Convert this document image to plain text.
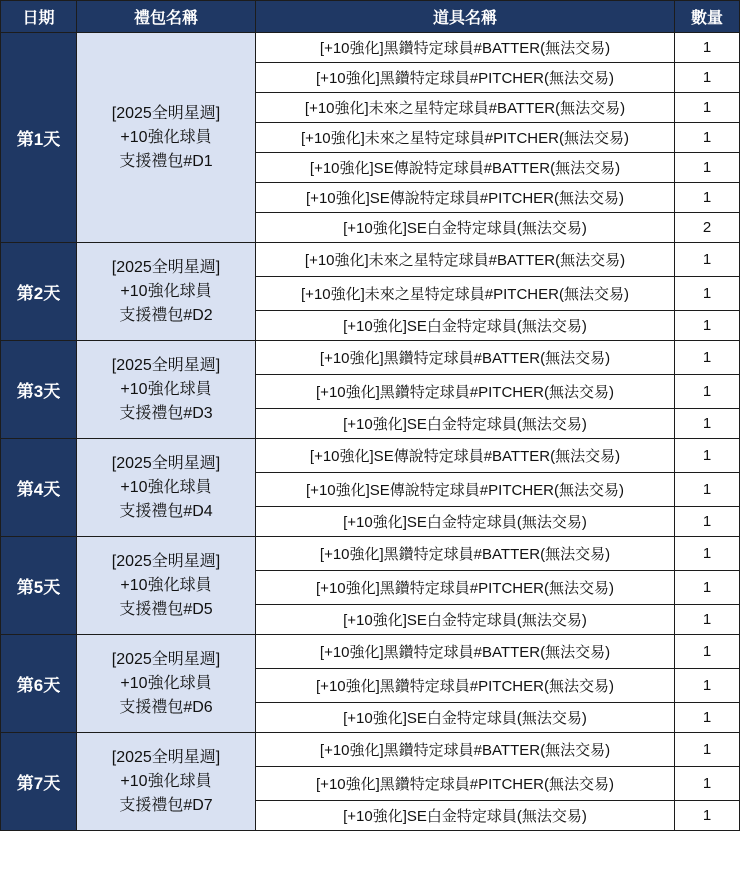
日期	禮包名稱	道具名稱	數量
第1天	[2025全明星週]
+10強化球員
支援禮包#D1	[+10強化]黑鑽特定球員#BATTER(無法交易)	1
		[+10強化]黑鑽特定球員#PITCHER(無法交易)	1
		[+10強化]未來之星特定球員#BATTER(無法交易)	1
		[+10強化]未來之星特定球員#PITCHER(無法交易)	1
		[+10強化]SE傳說特定球員#BATTER(無法交易)	1
		[+10強化]SE傳說特定球員#PITCHER(無法交易)	1
		[+10強化]SE白金特定球員(無法交易)	2
第2天	[2025全明星週]
+10強化球員
支援禮包#D2	[+10強化]未來之星特定球員#BATTER(無法交易)	1
		[+10強化]未來之星特定球員#PITCHER(無法交易)	1
		[+10強化]SE白金特定球員(無法交易)	1
第3天	[2025全明星週]
+10強化球員
支援禮包#D3	[+10強化]黑鑽特定球員#BATTER(無法交易)	1
		[+10強化]黑鑽特定球員#PITCHER(無法交易)	1
		[+10強化]SE白金特定球員(無法交易)	1
第4天	[2025全明星週]
+10強化球員
支援禮包#D4	[+10強化]SE傳說特定球員#BATTER(無法交易)	1
		[+10強化]SE傳說特定球員#PITCHER(無法交易)	1
		[+10強化]SE白金特定球員(無法交易)	1
第5天	[2025全明星週]
+10強化球員
支援禮包#D5	[+10強化]黑鑽特定球員#BATTER(無法交易)	1
		[+10強化]黑鑽特定球員#PITCHER(無法交易)	1
		[+10強化]SE白金特定球員(無法交易)	1
第6天	[2025全明星週]
+10強化球員
支援禮包#D6	[+10強化]黑鑽特定球員#BATTER(無法交易)	1
		[+10強化]黑鑽特定球員#PITCHER(無法交易)	1
		[+10強化]SE白金特定球員(無法交易)	1
第7天	[2025全明星週]
+10強化球員
支援禮包#D7	[+10強化]黑鑽特定球員#BATTER(無法交易)	1
		[+10強化]黑鑽特定球員#PITCHER(無法交易)	1
		[+10強化]SE白金特定球員(無法交易)	1
